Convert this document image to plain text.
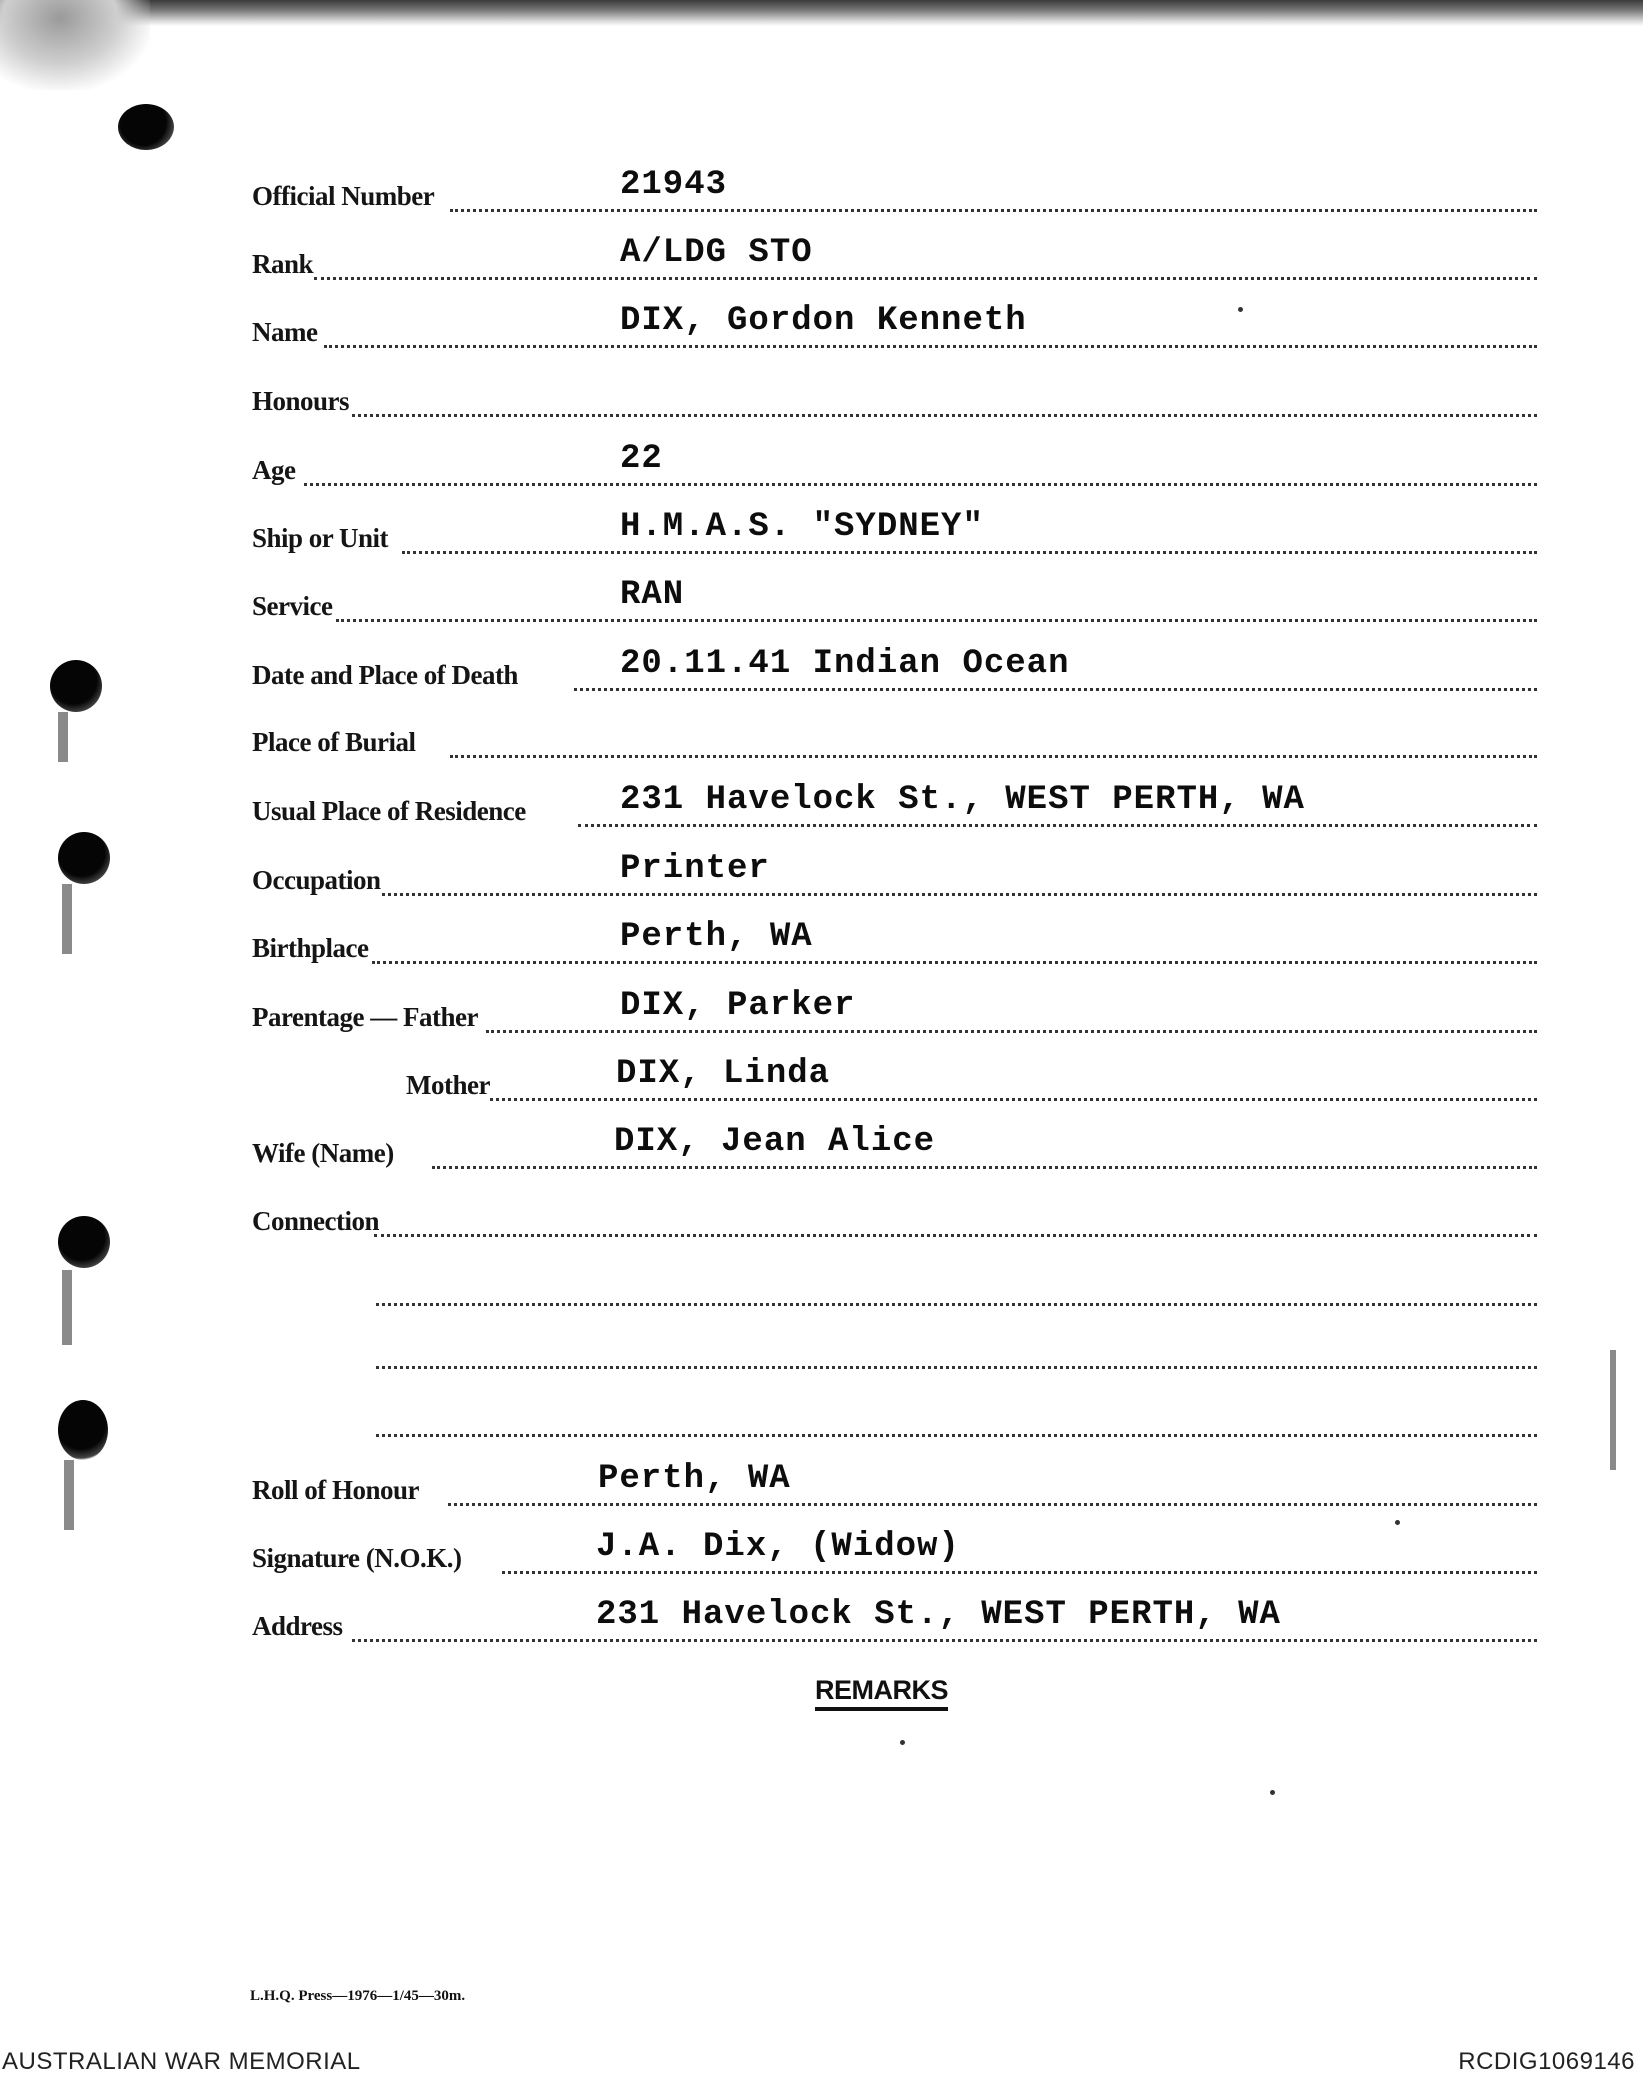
Official Number	21943
Rank	A/LDG STO
Name	DIX, Gordon Kenneth
Honours
Age	22
Ship or Unit	H.M.A.S. "SYDNEY"
Service	RAN
Date and Place of Death	20.11.41 Indian Ocean
Place of Burial
Usual Place of Residence	231 Havelock St., WEST PERTH, WA
Occupation	Printer
Birthplace	Perth, WA
Parentage — Father	DIX, Parker
Mother	DIX, Linda
Wife (Name)	DIX, Jean Alice
Connection
Roll of Honour	Perth, WA
Signature (N.O.K.)	J.A. Dix, (Widow)
Address	231 Havelock St., WEST PERTH, WA
REMARKS
L.H.Q. Press—1976—1/45—30m.
AUSTRALIAN WAR MEMORIAL	RCDIG1069146
